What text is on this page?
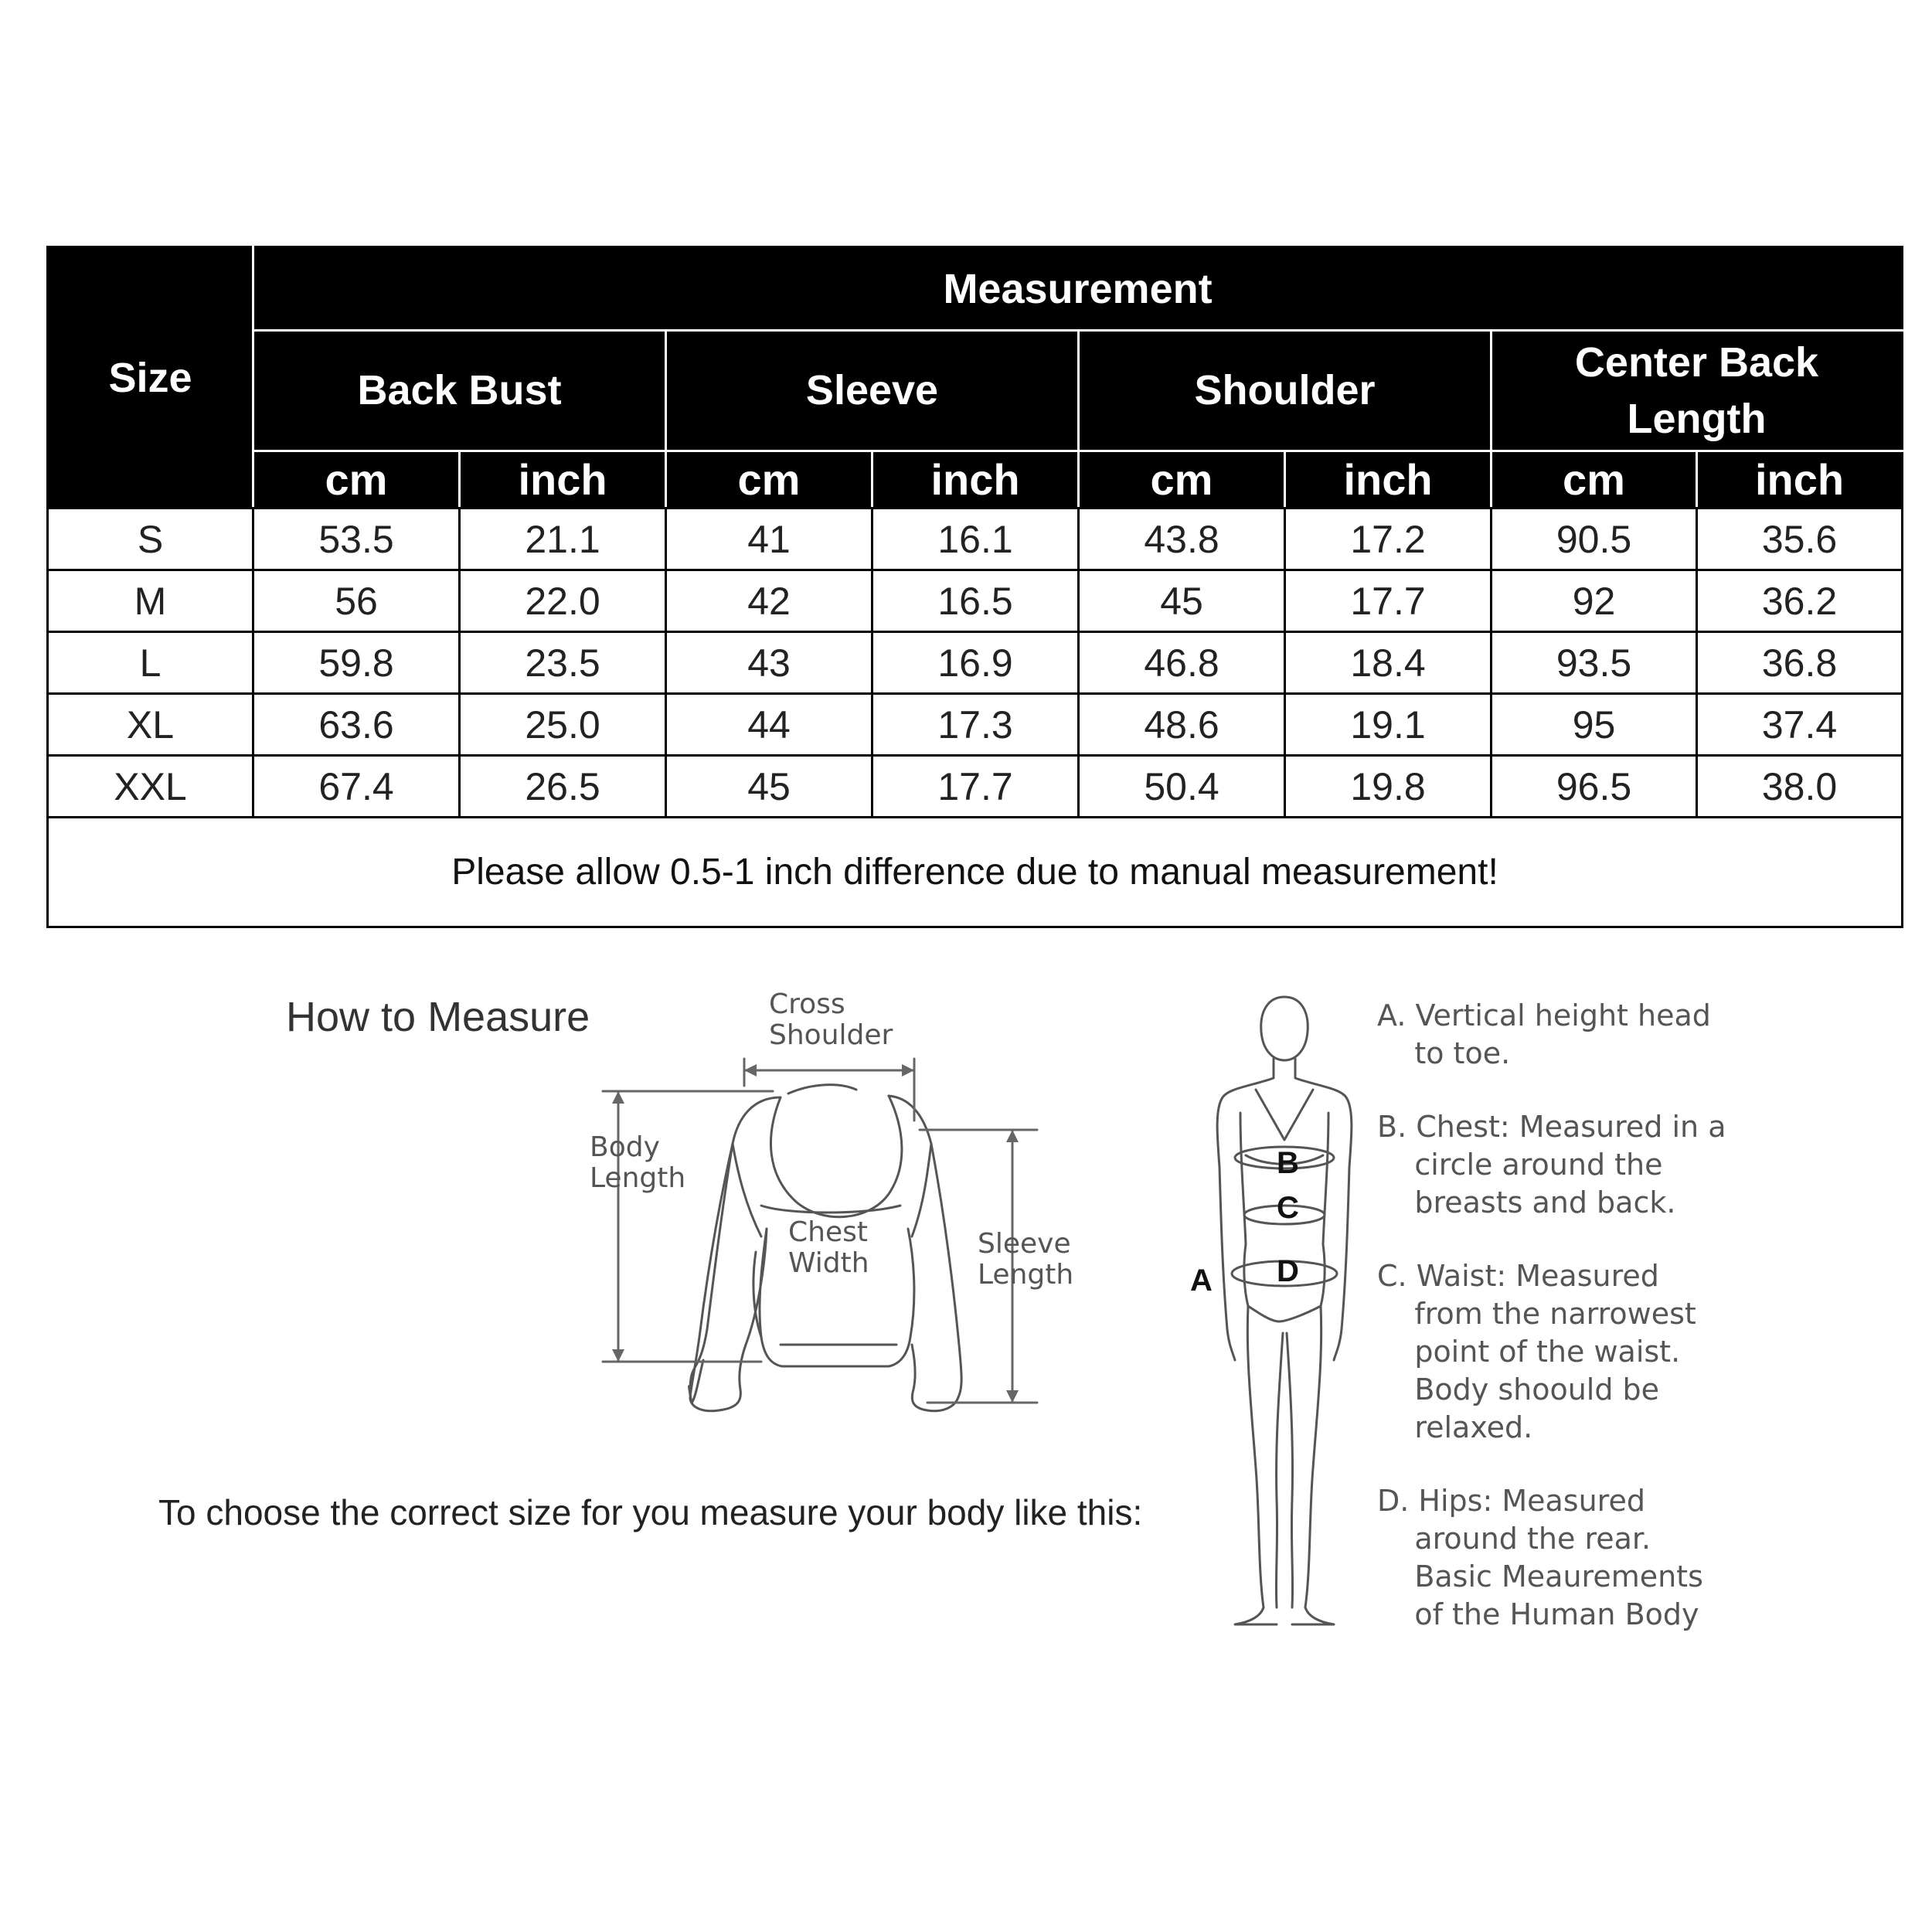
Size	Measurement							
	Back Bust		Sleeve		Shoulder		Center Back Length	

	cm	inch	cm	inch	cm	inch	cm	inch
S	53.5	21.1	41	16.1	43.8	17.2	90.5	35.6
M	56	22.0	42	16.5	45	17.7	92	36.2
L	59.8	23.5	43	16.9	46.8	18.4	93.5	36.8
XL	63.6	25.0	44	17.3	48.6	19.1	95	37.4
XXL	67.4	26.5	45	17.7	50.4	19.8	96.5	38.0
Please allow 0.5-1 inch difference due to manual measurement!								
How to Measure	Cross
Shoulder
Body
Length
Chest
Width
Sleeve
Length	A
B
C
D
A. Vertical height head
to toe.
B. Chest: Measured in a
circle around the
breasts and back.
C. Waist: Measured
from the narrowest
point of the waist.
Body shoould be
relaxed.
D. Hips: Measured
around the rear.
Basic Meaurements
of the Human Body
To choose the correct size for you measure your body like this:
